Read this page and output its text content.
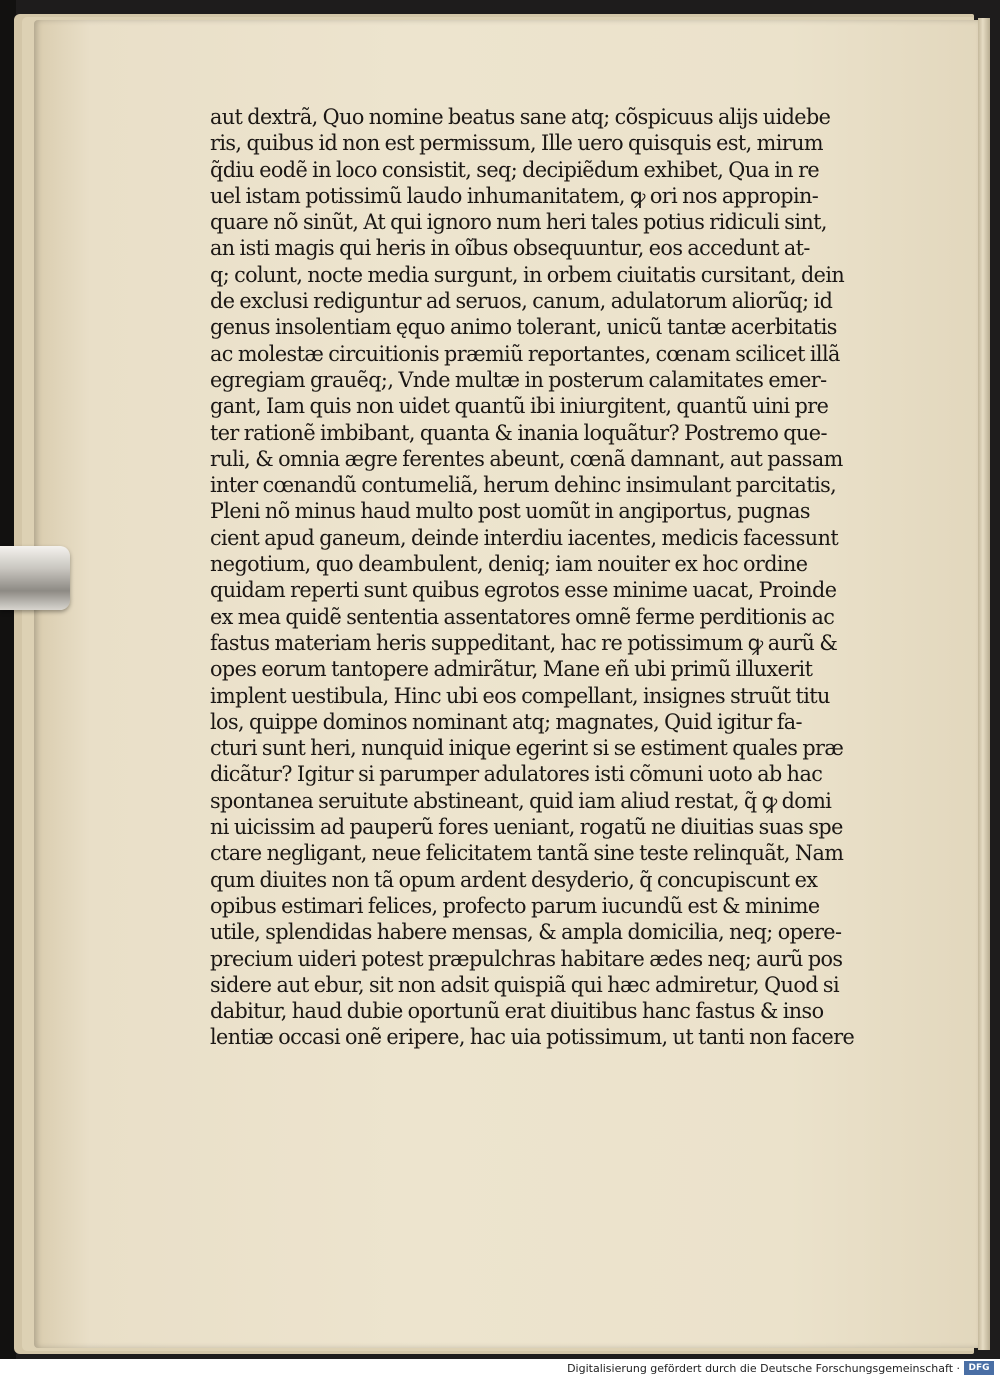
aut dextrã, Quo nomine beatus sane atq; cõspicuus alijs uidebe
ris, quibus id non est permissum, Ille uero quisquis est, mirum
q̃diu eodẽ in loco consistit, seq; decipiẽdum exhibet, Qua in re
uel istam potissimũ laudo inhumanitatem, ꝙ ori nos appropin-
quare nõ sinũt, At qui ignoro num heri tales potius ridiculi sint,
an isti magis qui heris in oĩbus obsequuntur, eos accedunt at-
q; colunt, nocte media surgunt, in orbem ciuitatis cursitant, dein
de exclusi rediguntur ad seruos, canum, adulatorum aliorũq; id
genus insolentiam ęquo animo tolerant, unicũ tantæ acerbitatis
ac molestæ circuitionis præmiũ reportantes, cœnam scilicet illã
egregiam grauẽq;, Vnde multæ in posterum calamitates emer-
gant, Iam quis non uidet quantũ ibi iniurgitent, quantũ uini pre
ter rationẽ imbibant, quanta & inania loquãtur? Postremo que-
ruli, & omnia ægre ferentes abeunt, cœnã damnant, aut passam
inter cœnandũ contumeliã, herum dehinc insimulant parcitatis,
Pleni nõ minus haud multo post uomũt in angiportus, pugnas
cient apud ganeum, deinde interdiu iacentes, medicis facessunt
negotium, quo deambulent, deniq; iam nouiter ex hoc ordine
quidam reperti sunt quibus egrotos esse minime uacat, Proinde
ex mea quidẽ sententia assentatores omnẽ ferme perditionis ac
fastus materiam heris suppeditant, hac re potissimum ꝙ aurũ &
opes eorum tantopere admirãtur, Mane eñ ubi primũ illuxerit
implent uestibula, Hinc ubi eos compellant, insignes struũt titu
los, quippe dominos nominant atq; magnates, Quid igitur fa-
cturi sunt heri, nunquid inique egerint si se estiment quales præ
dicãtur? Igitur si parumper adulatores isti cõmuni uoto ab hac
spontanea seruitute abstineant, quid iam aliud restat, q̃ ꝙ domi
ni uicissim ad pauperũ fores ueniant, rogatũ ne diuitias suas spe
ctare negligant, neue felicitatem tantã sine teste relinquãt, Nam
qum diuites non tã opum ardent desyderio, q̃ concupiscunt ex
opibus estimari felices, profecto parum iucundũ est & minime
utile, splendidas habere mensas, & ampla domicilia, neq; opere-
precium uideri potest præpulchras habitare ædes neq; aurũ pos
sidere aut ebur, sit non adsit quispiã qui hæc admiretur, Quod si
dabitur, haud dubie oportunũ erat diuitibus hanc fastus & inso
lentiæ occasi onẽ eripere, hac uia potissimum, ut tanti non facere
Digitalisierung gefördert durch die Deutsche Forschungsgemeinschaft · DFG
